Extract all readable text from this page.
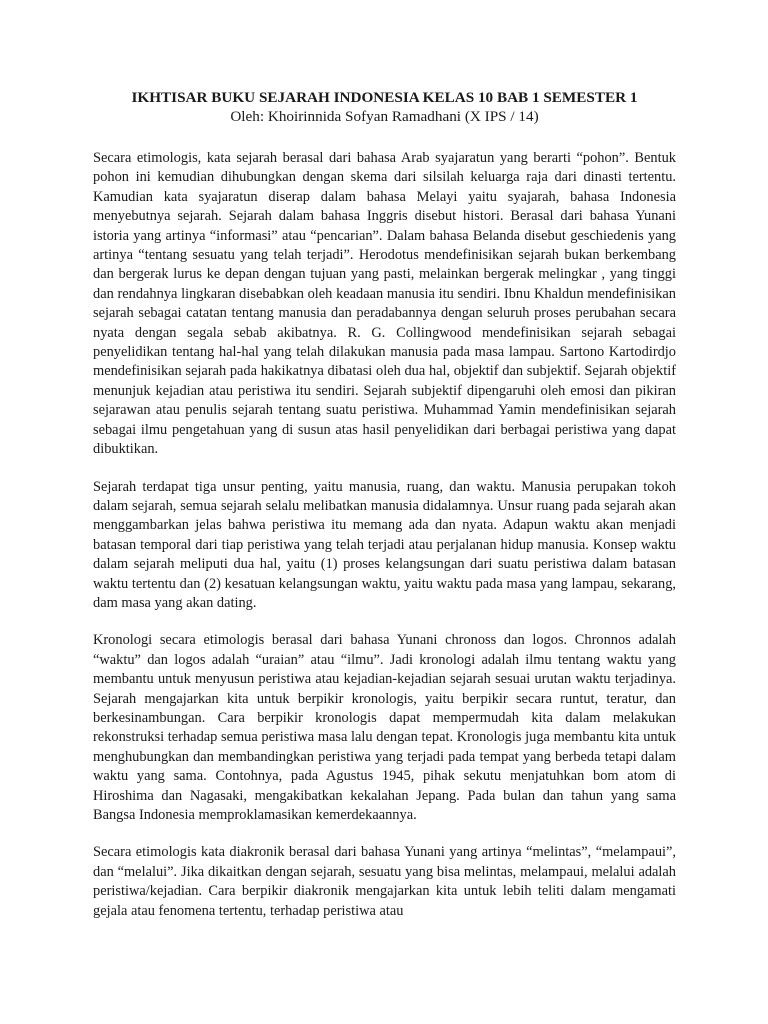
IKHTISAR BUKU SEJARAH INDONESIA KELAS 10 BAB 1 SEMESTER 1

Oleh: Khoirinnida Sofyan Ramadhani (X IPS / 14)

Secara etimologis, kata sejarah berasal dari bahasa Arab syajaratun yang berarti “pohon”. Bentuk pohon ini kemudian dihubungkan dengan skema dari silsilah keluarga raja dari dinasti tertentu. Kamudian kata syajaratun diserap dalam bahasa Melayi yaitu syajarah, bahasa Indonesia menyebutnya sejarah. Sejarah dalam bahasa Inggris disebut histori. Berasal dari bahasa Yunani istoria yang artinya “informasi” atau “pencarian”. Dalam bahasa Belanda disebut geschiedenis yang artinya “tentang sesuatu yang telah terjadi”. Herodotus mendefinisikan sejarah bukan berkembang dan bergerak lurus ke depan dengan tujuan yang pasti, melainkan bergerak melingkar , yang tinggi dan rendahnya lingkaran disebabkan oleh keadaan manusia itu sendiri. Ibnu Khaldun mendefinisikan sejarah sebagai catatan tentang manusia dan peradabannya dengan seluruh proses perubahan secara nyata dengan segala sebab akibatnya. R. G. Collingwood mendefinisikan sejarah sebagai penyelidikan tentang hal-hal yang telah dilakukan manusia pada masa lampau. Sartono Kartodirdjo mendefinisikan sejarah pada hakikatnya dibatasi oleh dua hal, objektif dan subjektif. Sejarah objektif menunjuk kejadian atau peristiwa itu sendiri. Sejarah subjektif dipengaruhi oleh emosi dan pikiran sejarawan atau penulis sejarah tentang suatu peristiwa. Muhammad Yamin mendefinisikan sejarah sebagai ilmu pengetahuan yang di susun atas hasil penyelidikan dari berbagai peristiwa yang dapat dibuktikan.

Sejarah terdapat tiga unsur penting, yaitu manusia, ruang, dan waktu. Manusia perupakan tokoh dalam sejarah, semua sejarah selalu melibatkan manusia didalamnya. Unsur ruang pada sejarah akan menggambarkan jelas bahwa peristiwa itu memang ada dan nyata. Adapun waktu akan menjadi batasan temporal dari tiap peristiwa yang telah terjadi atau perjalanan hidup manusia. Konsep waktu dalam sejarah meliputi dua hal, yaitu (1) proses kelangsungan dari suatu peristiwa dalam batasan waktu tertentu dan (2) kesatuan kelangsungan waktu, yaitu waktu pada masa yang lampau, sekarang, dam masa yang akan dating.

Kronologi secara etimologis berasal dari bahasa Yunani chronoss dan logos. Chronnos adalah “waktu” dan logos adalah “uraian” atau “ilmu”. Jadi kronologi adalah ilmu tentang waktu yang membantu untuk menyusun peristiwa atau kejadian-kejadian sejarah sesuai urutan waktu terjadinya. Sejarah mengajarkan kita untuk berpikir kronologis, yaitu berpikir secara runtut, teratur, dan berkesinambungan. Cara berpikir kronologis dapat mempermudah kita dalam melakukan rekonstruksi terhadap semua peristiwa masa lalu dengan tepat. Kronologis juga membantu kita untuk menghubungkan dan membandingkan peristiwa yang terjadi pada tempat yang berbeda tetapi dalam waktu yang sama. Contohnya, pada Agustus 1945, pihak sekutu menjatuhkan bom atom di Hiroshima dan Nagasaki, mengakibatkan kekalahan Jepang. Pada bulan dan tahun yang sama Bangsa Indonesia memproklamasikan kemerdekaannya.

Secara etimologis kata diakronik berasal dari bahasa Yunani yang artinya “melintas”, “melampaui”, dan “melalui”. Jika dikaitkan dengan sejarah, sesuatu yang bisa melintas, melampaui, melalui adalah peristiwa/kejadian. Cara berpikir diakronik mengajarkan kita untuk lebih teliti dalam mengamati gejala atau fenomena tertentu, terhadap peristiwa atau
